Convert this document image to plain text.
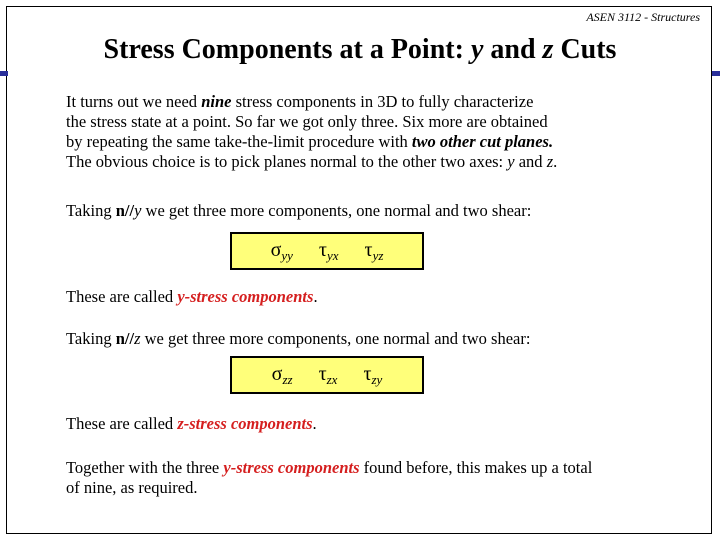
ASEN 3112 - Structures
Stress Components at a Point: y and z Cuts
It turns out we need nine stress components in 3D to fully characterize
the stress state at a point. So far we got only three. Six more are obtained
by repeating the same take-the-limit procedure with two other cut planes.
The obvious choice is to pick planes normal to the other two axes: y and z.
Taking n//y we get three more components, one normal and two shear:
$\sigma_{yy}$ $\tau_{yx}$ $\tau_{yz}$
These are called y-stress components.
Taking n//z we get three more components, one normal and two shear:
$\sigma_{zz}$ $\tau_{zx}$ $\tau_{zy}$
These are called z-stress components.
Together with the three y-stress components found before, this makes up a total
of nine, as required.
